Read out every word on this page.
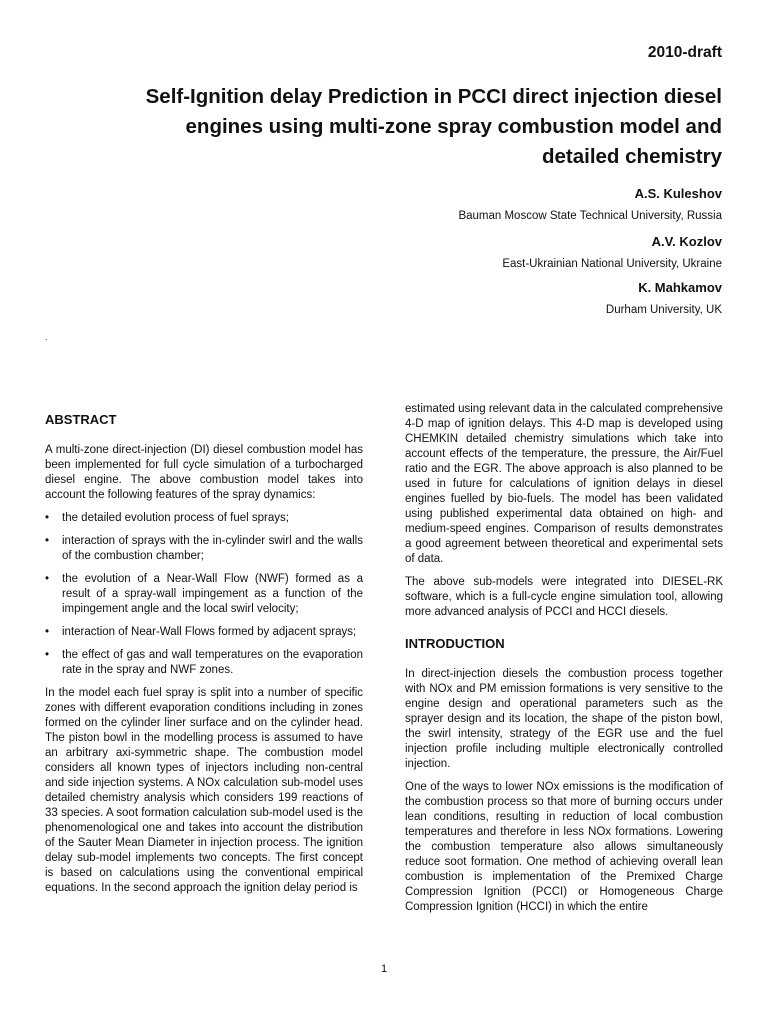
2010-draft
Self-Ignition delay Prediction in PCCI direct injection diesel
engines using multi-zone spray combustion model and
detailed chemistry
A.S. Kuleshov
Bauman Moscow State Technical University, Russia
A.V. Kozlov
East-Ukrainian National University, Ukraine
K. Mahkamov
Durham University, UK
.
ABSTRACT

A multi-zone direct-injection (DI) diesel combustion model has been implemented for full cycle simulation of a turbocharged diesel engine. The above combustion model takes into account the following features of the spray dynamics:

• the detailed evolution process of fuel sprays;
• interaction of sprays with the in-cylinder swirl and the walls of the combustion chamber;
• the evolution of a Near-Wall Flow (NWF) formed as a result of a spray-wall impingement as a function of the impingement angle and the local swirl velocity;
• interaction of Near-Wall Flows formed by adjacent sprays;
• the effect of gas and wall temperatures on the evaporation rate in the spray and NWF zones.

In the model each fuel spray is split into a number of specific zones with different evaporation conditions including in zones formed on the cylinder liner surface and on the cylinder head. The piston bowl in the modelling process is assumed to have an arbitrary axi-symmetric shape. The combustion model considers all known types of injectors including non-central and side injection systems. A NOx calculation sub-model uses detailed chemistry analysis which considers 199 reactions of 33 species. A soot formation calculation sub-model used is the phenomenological one and takes into account the distribution of the Sauter Mean Diameter in injection process. The ignition delay sub-model implements two concepts. The first concept is based on calculations using the conventional empirical equations. In the second approach the ignition delay period is

estimated using relevant data in the calculated comprehensive 4-D map of ignition delays. This 4-D map is developed using CHEMKIN detailed chemistry simulations which take into account effects of the temperature, the pressure, the Air/Fuel ratio and the EGR. The above approach is also planned to be used in future for calculations of ignition delays in diesel engines fuelled by bio-fuels. The model has been validated using published experimental data obtained on high- and medium-speed engines. Comparison of results demonstrates a good agreement between theoretical and experimental sets of data.

The above sub-models were integrated into DIESEL-RK software, which is a full-cycle engine simulation tool, allowing more advanced analysis of PCCI and HCCI diesels.

INTRODUCTION

In direct-injection diesels the combustion process together with NOx and PM emission formations is very sensitive to the engine design and operational parameters such as the sprayer design and its location, the shape of the piston bowl, the swirl intensity, strategy of the EGR use and the fuel injection profile including multiple electronically controlled injection.

One of the ways to lower NOx emissions is the modification of the combustion process so that more of burning occurs under lean conditions, resulting in reduction of local combustion temperatures and therefore in less NOx formations. Lowering the combustion temperature also allows simultaneously reduce soot formation. One method of achieving overall lean combustion is implementation of the Premixed Charge Compression Ignition (PCCI) or Homogeneous Charge Compression Ignition (HCCI) in which the entire

1
